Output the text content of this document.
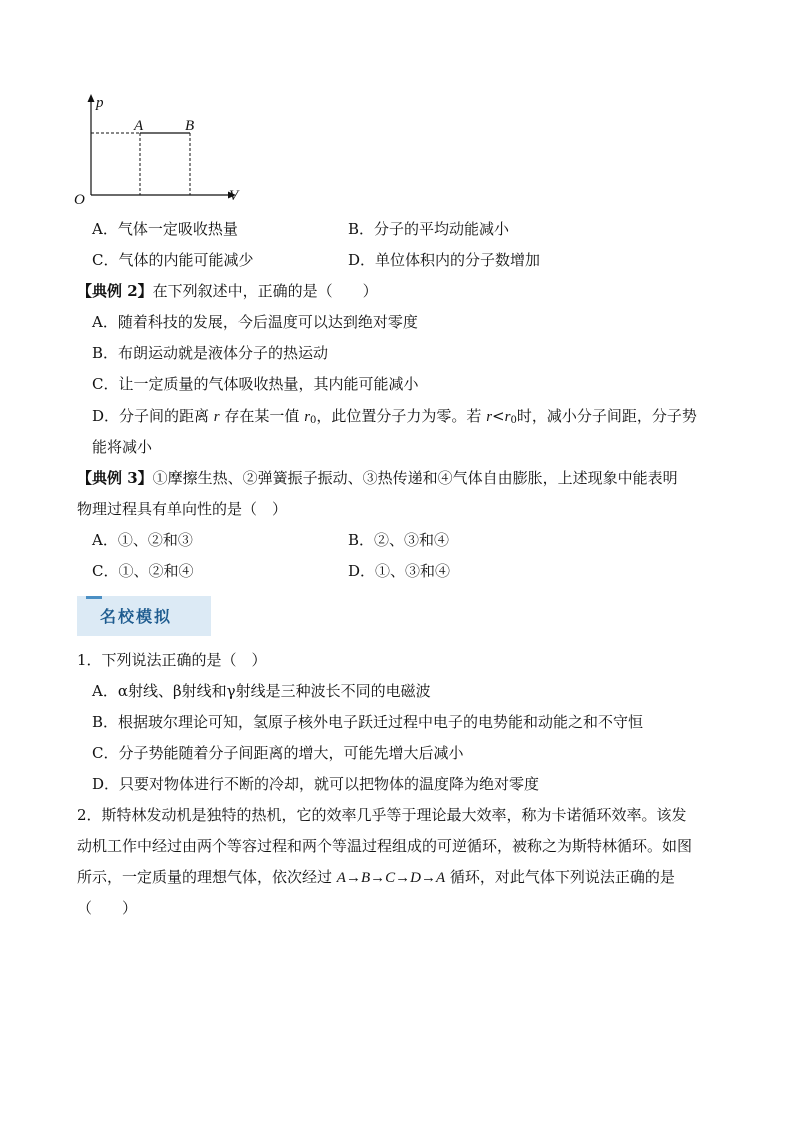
p
V
O
A	B
A．气体一定吸收热量	B．分子的平均动能减小
C．气体的内能可能减少	D．单位体积内的分子数增加
【典例 2】在下列叙述中，正确的是（　　）
A．随着科技的发展，今后温度可以达到绝对零度
B．布朗运动就是液体分子的热运动
C．让一定质量的气体吸收热量，其内能可能减小
D．分子间的距离 r 存在某一值 $r_0$，此位置分子力为零。若 $r<r_0$时，减小分子间距，分子势
能将减小
【典例 3】①摩擦生热、②弹簧振子振动、③热传递和④气体自由膨胀，上述现象中能表明
物理过程具有单向性的是（　）
A．①、②和③	B．②、③和④
C．①、②和④	D．①、③和④
名校模拟
1．下列说法正确的是（　）
A．α射线、β射线和γ射线是三种波长不同的电磁波
B．根据玻尔理论可知，氢原子核外电子跃迁过程中电子的电势能和动能之和不守恒
C．分子势能随着分子间距离的增大，可能先增大后减小
D．只要对物体进行不断的冷却，就可以把物体的温度降为绝对零度
2．斯特林发动机是独特的热机，它的效率几乎等于理论最大效率，称为卡诺循环效率。该发
动机工作中经过由两个等容过程和两个等温过程组成的可逆循环，被称之为斯特林循环。如图
所示，一定质量的理想气体，依次经过 A→B→C→D→A 循环，对此气体下列说法正确的是
（　　）
